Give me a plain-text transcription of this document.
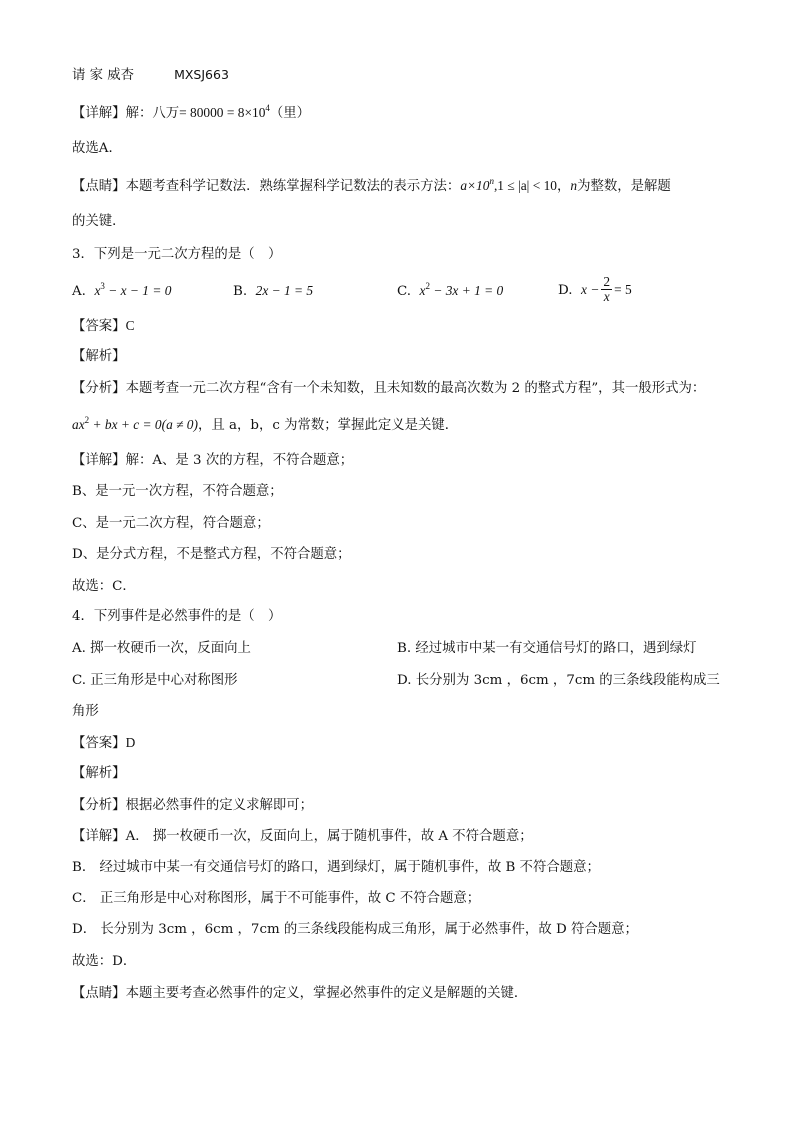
请 家 威杏	MXSJ663
【详解】解：八万= $80000 = 8\times 10^4$（里）
故选A．
【点睛】本题考查科学记数法．熟练掌握科学记数法的表示方法：$a\times 10^n,1 \le |a| < 10$，n为整数，是解题
的关键．
3．下列是一元二次方程的是（　）
A. $x^3 - x - 1 = 0$	B. 2x − 1 = 5	C. $x^2 - 3x + 1 = 0$	D. $x - \frac{2}{x} = 5$
【答案】C
【解析】
【分析】本题考查一元二次方程“含有一个未知数，且未知数的最高次数为 2 的整式方程”，其一般形式为：
$ax^2$ + bx + c = 0(a ≠ 0)，且 a，b，c 为常数；掌握此定义是关键．
【详解】解：A、是 3 次的方程，不符合题意；
B、是一元一次方程，不符合题意；
C、是一元二次方程，符合题意；
D、是分式方程，不是整式方程，不符合题意；
故选：C．
4．下列事件是必然事件的是（　）
A. 掷一枚硬币一次，反面向上	B. 经过城市中某一有交通信号灯的路口，遇到绿灯
C. 正三角形是中心对称图形	D. 长分别为 3cm ，6cm ，7cm 的三条线段能构成三
角形
【答案】D
【解析】
【分析】根据必然事件的定义求解即可；
【详解】A． 掷一枚硬币一次，反面向上，属于随机事件，故 A 不符合题意；
B． 经过城市中某一有交通信号灯的路口，遇到绿灯，属于随机事件，故 B 不符合题意；
C． 正三角形是中心对称图形，属于不可能事件，故 C 不符合题意；
D． 长分别为 3cm ，6cm ，7cm 的三条线段能构成三角形，属于必然事件，故 D 符合题意；
故选：D．
【点睛】本题主要考查必然事件的定义，掌握必然事件的定义是解题的关键．
